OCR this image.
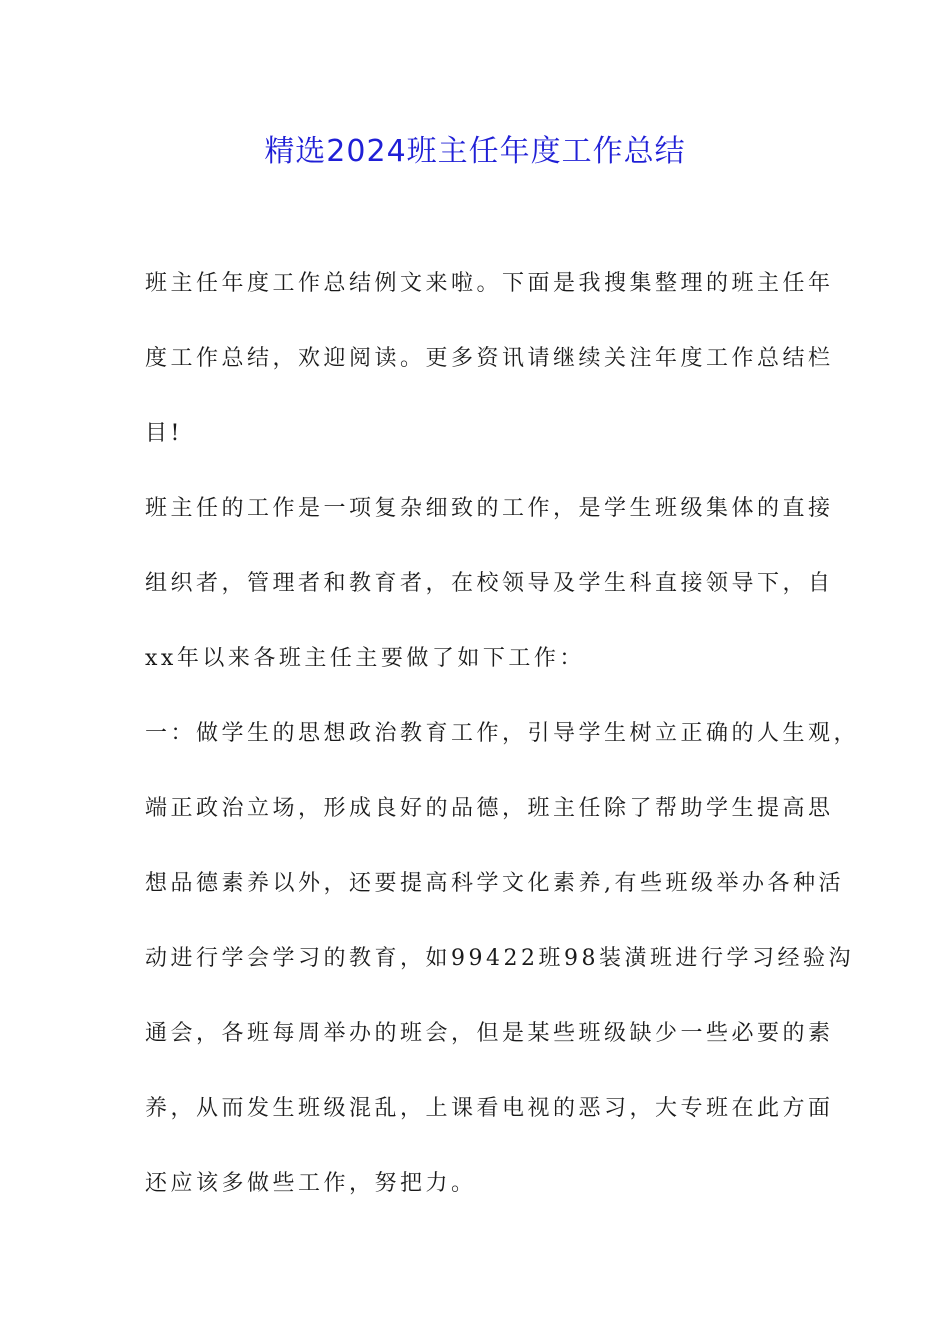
精选2024班主任年度工作总结
班主任年度工作总结例文来啦。下面是我搜集整理的班主任年
度工作总结，欢迎阅读。更多资讯请继续关注年度工作总结栏
目!
班主任的工作是一项复杂细致的工作，是学生班级集体的直接
组织者，管理者和教育者，在校领导及学生科直接领导下，自
xx年以来各班主任主要做了如下工作：
一：做学生的思想政治教育工作，引导学生树立正确的人生观，
端正政治立场，形成良好的品德，班主任除了帮助学生提高思
想品德素养以外，还要提高科学文化素养,有些班级举办各种活
动进行学会学习的教育，如99422班98装潢班进行学习经验沟
通会，各班每周举办的班会，但是某些班级缺少一些必要的素
养，从而发生班级混乱，上课看电视的恶习，大专班在此方面
还应该多做些工作，努把力。
